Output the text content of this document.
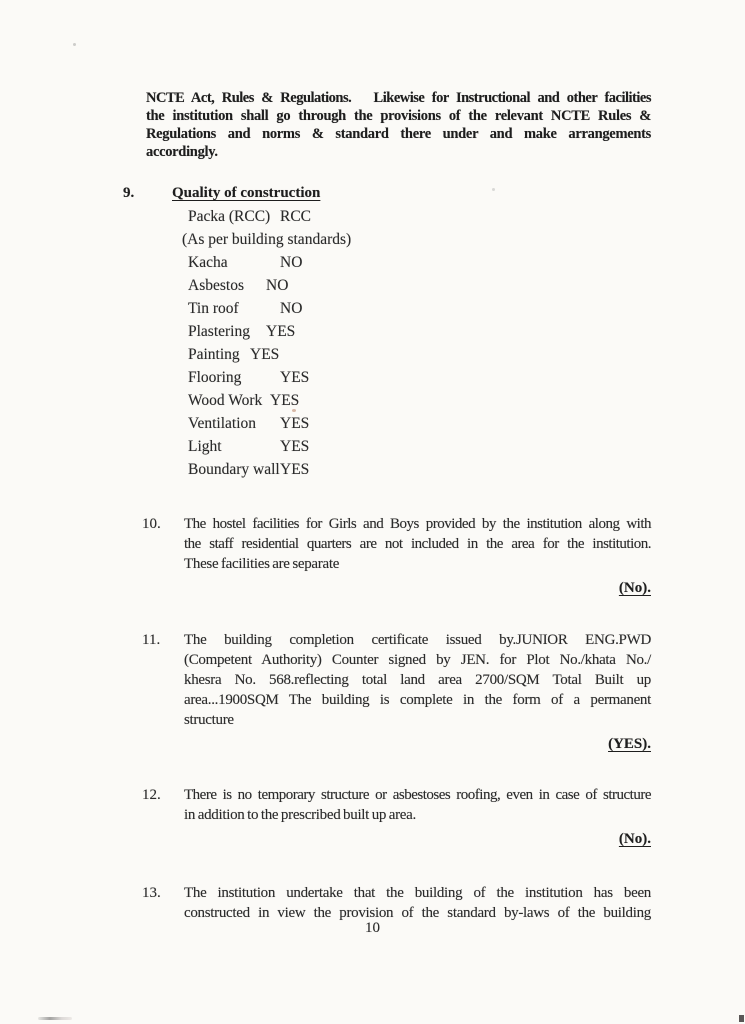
NCTE Act, Rules & Regulations.   Likewise for Instructional and other facilities
the institution shall go through the provisions of the relevant NCTE Rules &
Regulations and norms & standard there under and make arrangements
accordingly.
9.	Quality of construction
Packa (RCC) RCC
(As per building standards)
Kacha	NO
Asbestos NO
Tin roof	NO
Plastering YES
Painting YES
Flooring YES
Wood Work YES
Ventilation YES
Light	YES
Boundary wallYES
10.	The hostel facilities for Girls and Boys provided by the institution along with
the staff residential quarters are not included in the area for the institution.
These facilities are separate
(No).
11.	The building completion certificate issued by.JUNIOR ENG.PWD
(Competent Authority) Counter signed by JEN. for Plot No./khata No./
khesra No. 568.reflecting total land area 2700/SQM Total Built up
area...1900SQM The building is complete in the form of a permanent
structure
(YES).
12.	There is no temporary structure or asbestoses roofing, even in case of structure
in addition to the prescribed built up area.
(No).
13.	The institution undertake that the building of the institution has been
constructed in view the provision of the standard by-laws of the building
10
